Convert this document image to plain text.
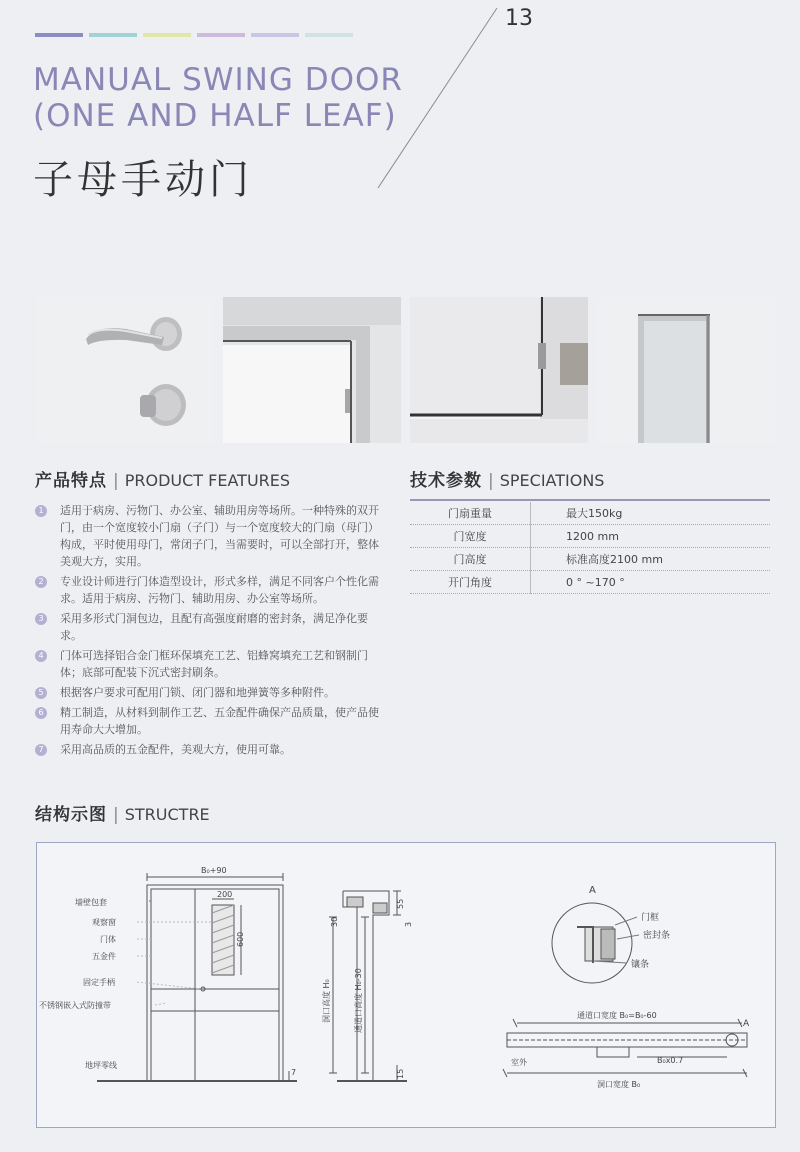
13
MANUAL SWING DOOR
(ONE AND HALF LEAF)
子母手动门
产品特点 | PRODUCT FEATURES
1	适用于病房、污物门、办公室、辅助用房等场所。一种特殊的双开门，由一个宽度较小门扇（子门）与一个宽度较大的门扇（母门）构成，平时使用母门，常闭子门，当需要时，可以全部打开，整体美观大方，实用。
2	专业设计师进行门体造型设计，形式多样，满足不同客户个性化需求。适用于病房、污物门、辅助用房、办公室等场所。
3	采用多形式门洞包边，且配有高强度耐磨的密封条，满足净化要求。
4	门体可选择铝合金门框环保填充工艺、铝蜂窝填充工艺和钢制门体；底部可配装下沉式密封刷条。
5	根据客户要求可配用门锁、闭门器和地弹簧等多种附件。
6	精工制造，从材料到制作工艺、五金配件确保产品质量，使产品使用寿命大大增加。
7	采用高品质的五金配件，美观大方，使用可靠。
技术参数 | SPECIATIONS
门扇重量	最大150kg
门宽度	1200 mm
门高度	标准高度2100 mm
开门角度	0 ° ~170 °
结构示图 | STRUCTRE
B₀+90
200
600
墙壁包套
观察窗
门体
五金件
固定手柄
不锈钢嵌入式防撞带
地坪零线
7
55
3
30
15
洞口高度 H₀	通道口高度 H₀-30
A
门框
密封条
镶条
通道口宽度 B₀=B₀-60
A
室外	B₀x0.7
洞口宽度 B₀
